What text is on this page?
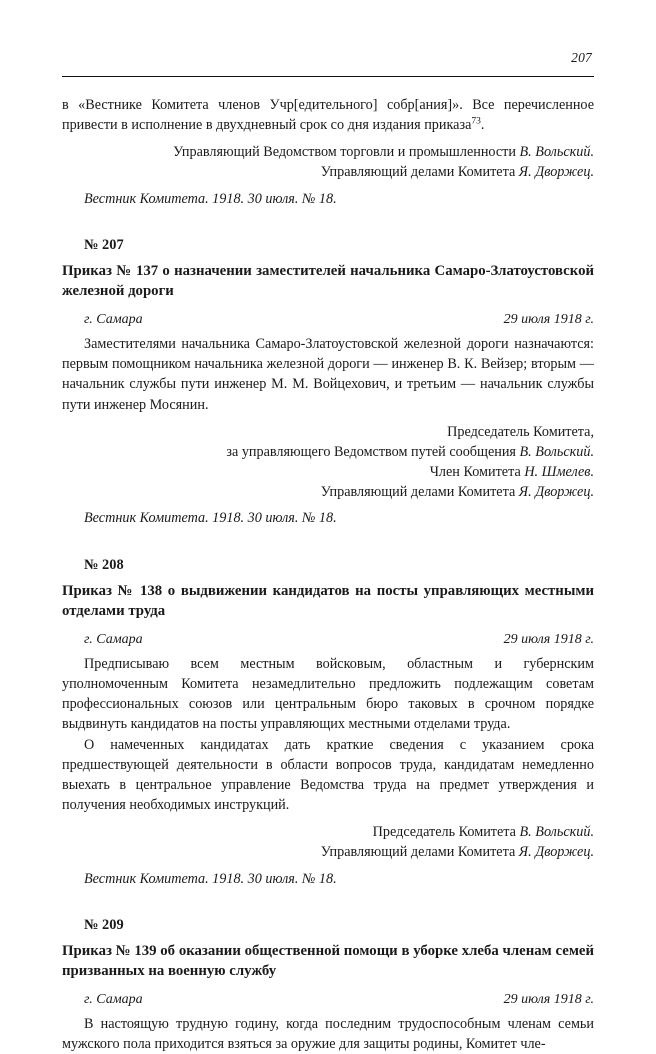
207

в «Вестнике Комитета членов Учр[едительного] собр[ания]». Все перечисленное привести в исполнение в двухдневный срок со дня издания приказа$^{73}$.

Управляющий Ведомством торговли и промышленности В. Вольский.

Управляющий делами Комитета Я. Дворжец.

Вестник Комитета. 1918. 30 июля. № 18.

№ 207

Приказ № 137 о назначении заместителей начальника Самаро-Златоустовской железной дороги

г. Самара	29 июля 1918 г.

Заместителями начальника Самаро-Златоустовской железной дороги назначаются: первым помощником начальника железной дороги — инженер В. К. Вейзер; вторым — начальник службы пути инженер М. М. Войцехович, и третьим — начальник службы пути инженер Мосянин.

Председатель Комитета,

за управляющего Ведомством путей сообщения В. Вольский.

Член Комитета Н. Шмелев.

Управляющий делами Комитета Я. Дворжец.

Вестник Комитета. 1918. 30 июля. № 18.

№ 208

Приказ № 138 о выдвижении кандидатов на посты управляющих местными отделами труда

г. Самара	29 июля 1918 г.

Предписываю всем местным войсковым, областным и губернским уполномоченным Комитета незамедлительно предложить подлежащим советам профессиональных союзов или центральным бюро таковых в срочном порядке выдвинуть кандидатов на посты управляющих местными отделами труда.

О намеченных кандидатах дать краткие сведения с указанием срока предшествующей деятельности в области вопросов труда, кандидатам немедленно выехать в центральное управление Ведомства труда на предмет утверждения и получения необходимых инструкций.

Председатель Комитета В. Вольский.

Управляющий делами Комитета Я. Дворжец.

Вестник Комитета. 1918. 30 июля. № 18.

№ 209

Приказ № 139 об оказании общественной помощи в уборке хлеба членам семей призванных на военную службу

г. Самара	29 июля 1918 г.

В настоящую трудную годину, когда последним трудоспособным членам семьи мужского пола приходится взяться за оружие для защиты родины, Комитет чле-
